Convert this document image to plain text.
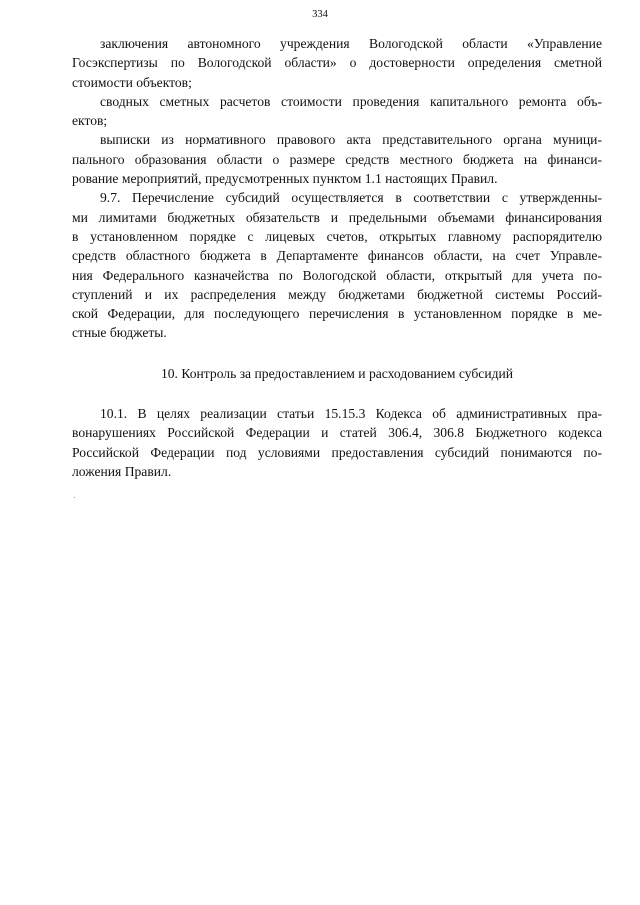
334
заключения автономного учреждения Вологодской области «Управление
Госэкспертизы по Вологодской области» о достоверности определения сметной
стоимости объектов;
сводных сметных расчетов стоимости проведения капитального ремонта объ-
ектов;
выписки из нормативного правового акта представительного органа муници-
пального образования области о размере средств местного бюджета на финанси-
рование мероприятий, предусмотренных пунктом 1.1 настоящих Правил.
9.7. Перечисление субсидий осуществляется в соответствии с утвержденны-
ми лимитами бюджетных обязательств и предельными объемами финансирования
в установленном порядке с лицевых счетов, открытых главному распорядителю
средств областного бюджета в Департаменте финансов области, на счет Управле-
ния Федерального казначейства по Вологодской области, открытый для учета по-
ступлений и их распределения между бюджетами бюджетной системы Россий-
ской Федерации, для последующего перечисления в установленном порядке в ме-
стные бюджеты.
10. Контроль за предоставлением и расходованием субсидий
10.1. В целях реализации статьи 15.15.3 Кодекса об административных пра-
вонарушениях Российской Федерации и статей 306.4, 306.8 Бюджетного кодекса
Российской Федерации под условиями предоставления субсидий понимаются по-
ложения Правил.
